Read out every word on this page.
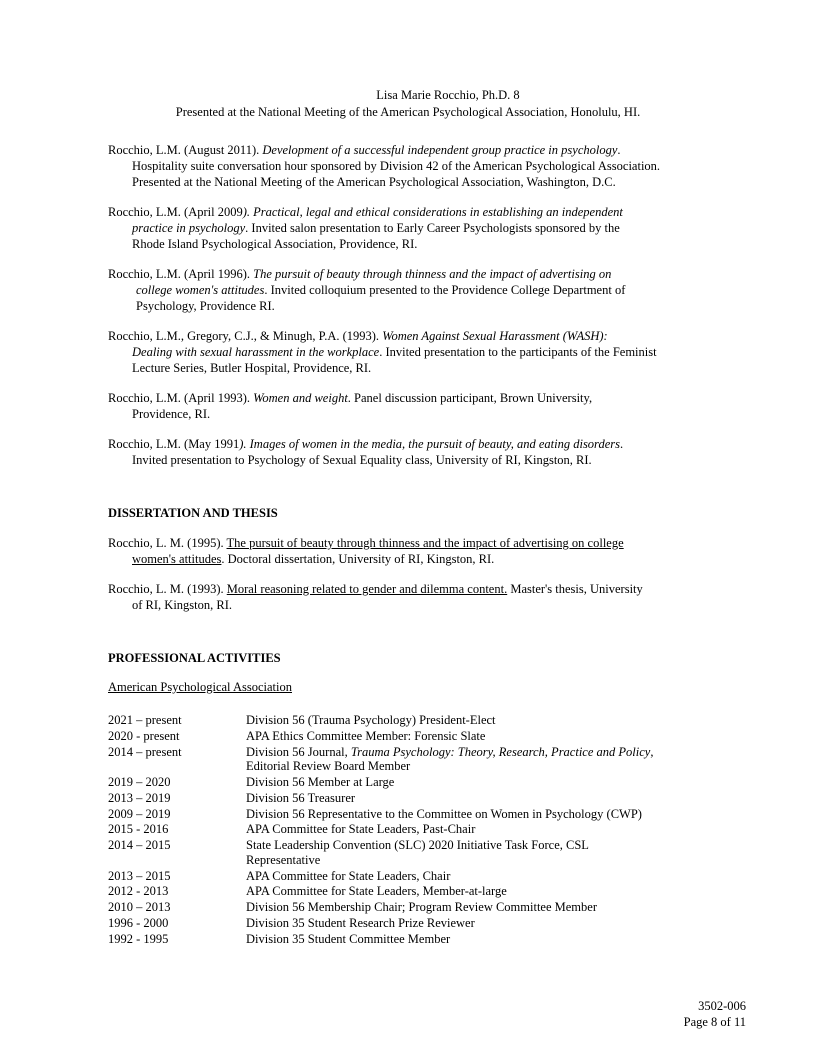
Lisa Marie Rocchio, Ph.D. 8
Presented at the National Meeting of the American Psychological Association, Honolulu, HI.
Rocchio, L.M. (August 2011). Development of a successful independent group practice in psychology.
Hospitality suite conversation hour sponsored by Division 42 of the American Psychological Association.
Presented at the National Meeting of the American Psychological Association, Washington, D.C.
Rocchio, L.M. (April 2009). Practical, legal and ethical considerations in establishing an independent
practice in psychology. Invited salon presentation to Early Career Psychologists sponsored by the
Rhode Island Psychological Association, Providence, RI.
Rocchio, L.M. (April 1996). The pursuit of beauty through thinness and the impact of advertising on
college women's attitudes. Invited colloquium presented to the Providence College Department of
Psychology, Providence RI.
Rocchio, L.M., Gregory, C.J., & Minugh, P.A. (1993). Women Against Sexual Harassment (WASH):
Dealing with sexual harassment in the workplace. Invited presentation to the participants of the Feminist
Lecture Series, Butler Hospital, Providence, RI.
Rocchio, L.M. (April 1993). Women and weight. Panel discussion participant, Brown University,
Providence, RI.
Rocchio, L.M. (May 1991). Images of women in the media, the pursuit of beauty, and eating disorders.
Invited presentation to Psychology of Sexual Equality class, University of RI, Kingston, RI.
DISSERTATION AND THESIS
Rocchio, L. M. (1995). The pursuit of beauty through thinness and the impact of advertising on college
women's attitudes. Doctoral dissertation, University of RI, Kingston, RI.
Rocchio, L. M. (1993). Moral reasoning related to gender and dilemma content. Master's thesis, University
of RI, Kingston, RI.
PROFESSIONAL ACTIVITIES
American Psychological Association
2021 – present	Division 56 (Trauma Psychology) President-Elect
2020 - present	APA Ethics Committee Member: Forensic Slate
2014 – present	Division 56 Journal, Trauma Psychology: Theory, Research, Practice and Policy,
Editorial Review Board Member

2019 – 2020	Division 56 Member at Large
2013 – 2019	Division 56 Treasurer
2009 – 2019	Division 56 Representative to the Committee on Women in Psychology (CWP)
2015 - 2016	APA Committee for State Leaders, Past-Chair
2014 – 2015	State Leadership Convention (SLC) 2020 Initiative Task Force, CSL
Representative

2013 – 2015	APA Committee for State Leaders, Chair
2012 - 2013	APA Committee for State Leaders, Member-at-large
2010 – 2013	Division 56 Membership Chair; Program Review Committee Member
1996 - 2000	Division 35 Student Research Prize Reviewer
1992 - 1995	Division 35 Student Committee Member
3502-006
Page 8 of 11
